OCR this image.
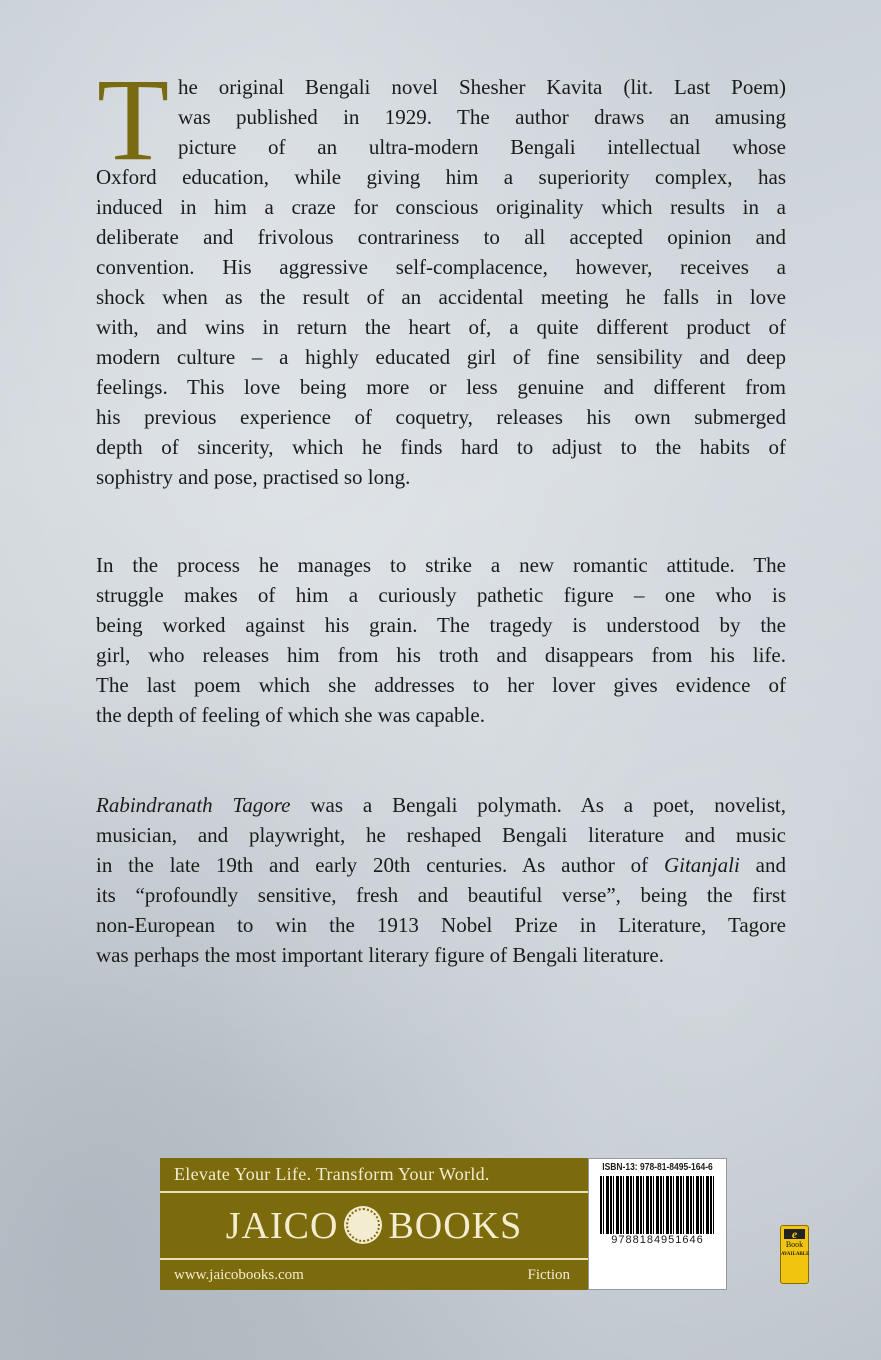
T he original Bengali novel Shesher Kavita (lit. Last Poem)
was published in 1929. The author draws an amusing
picture of an ultra-modern Bengali intellectual whose
Oxford education, while giving him a superiority complex, has
induced in him a craze for conscious originality which results in a
deliberate and frivolous contrariness to all accepted opinion and
convention. His aggressive self-complacence, however, receives a
shock when as the result of an accidental meeting he falls in love
with, and wins in return the heart of, a quite different product of
modern culture – a highly educated girl of fine sensibility and deep
feelings. This love being more or less genuine and different from
his previous experience of coquetry, releases his own submerged
depth of sincerity, which he finds hard to adjust to the habits of
sophistry and pose, practised so long.
In the process he manages to strike a new romantic attitude. The
struggle makes of him a curiously pathetic figure – one who is
being worked against his grain. The tragedy is understood by the
girl, who releases him from his troth and disappears from his life.
The last poem which she addresses to her lover gives evidence of
the depth of feeling of which she was capable.
Rabindranath Tagore was a Bengali polymath. As a poet, novelist,
musician, and playwright, he reshaped Bengali literature and music
in the late 19th and early 20th centuries. As author of Gitanjali and
its “profoundly sensitive, fresh and beautiful verse”, being the first
non-European to win the 1913 Nobel Prize in Literature, Tagore
was perhaps the most important literary figure of Bengali literature.
Elevate Your Life. Transform Your World.
JAICO BOOKS
www.jaicobooks.com	Fiction
ISBN-13: 978-81-8495-164-6
9788184951646	e
Book
AVAILABLE
